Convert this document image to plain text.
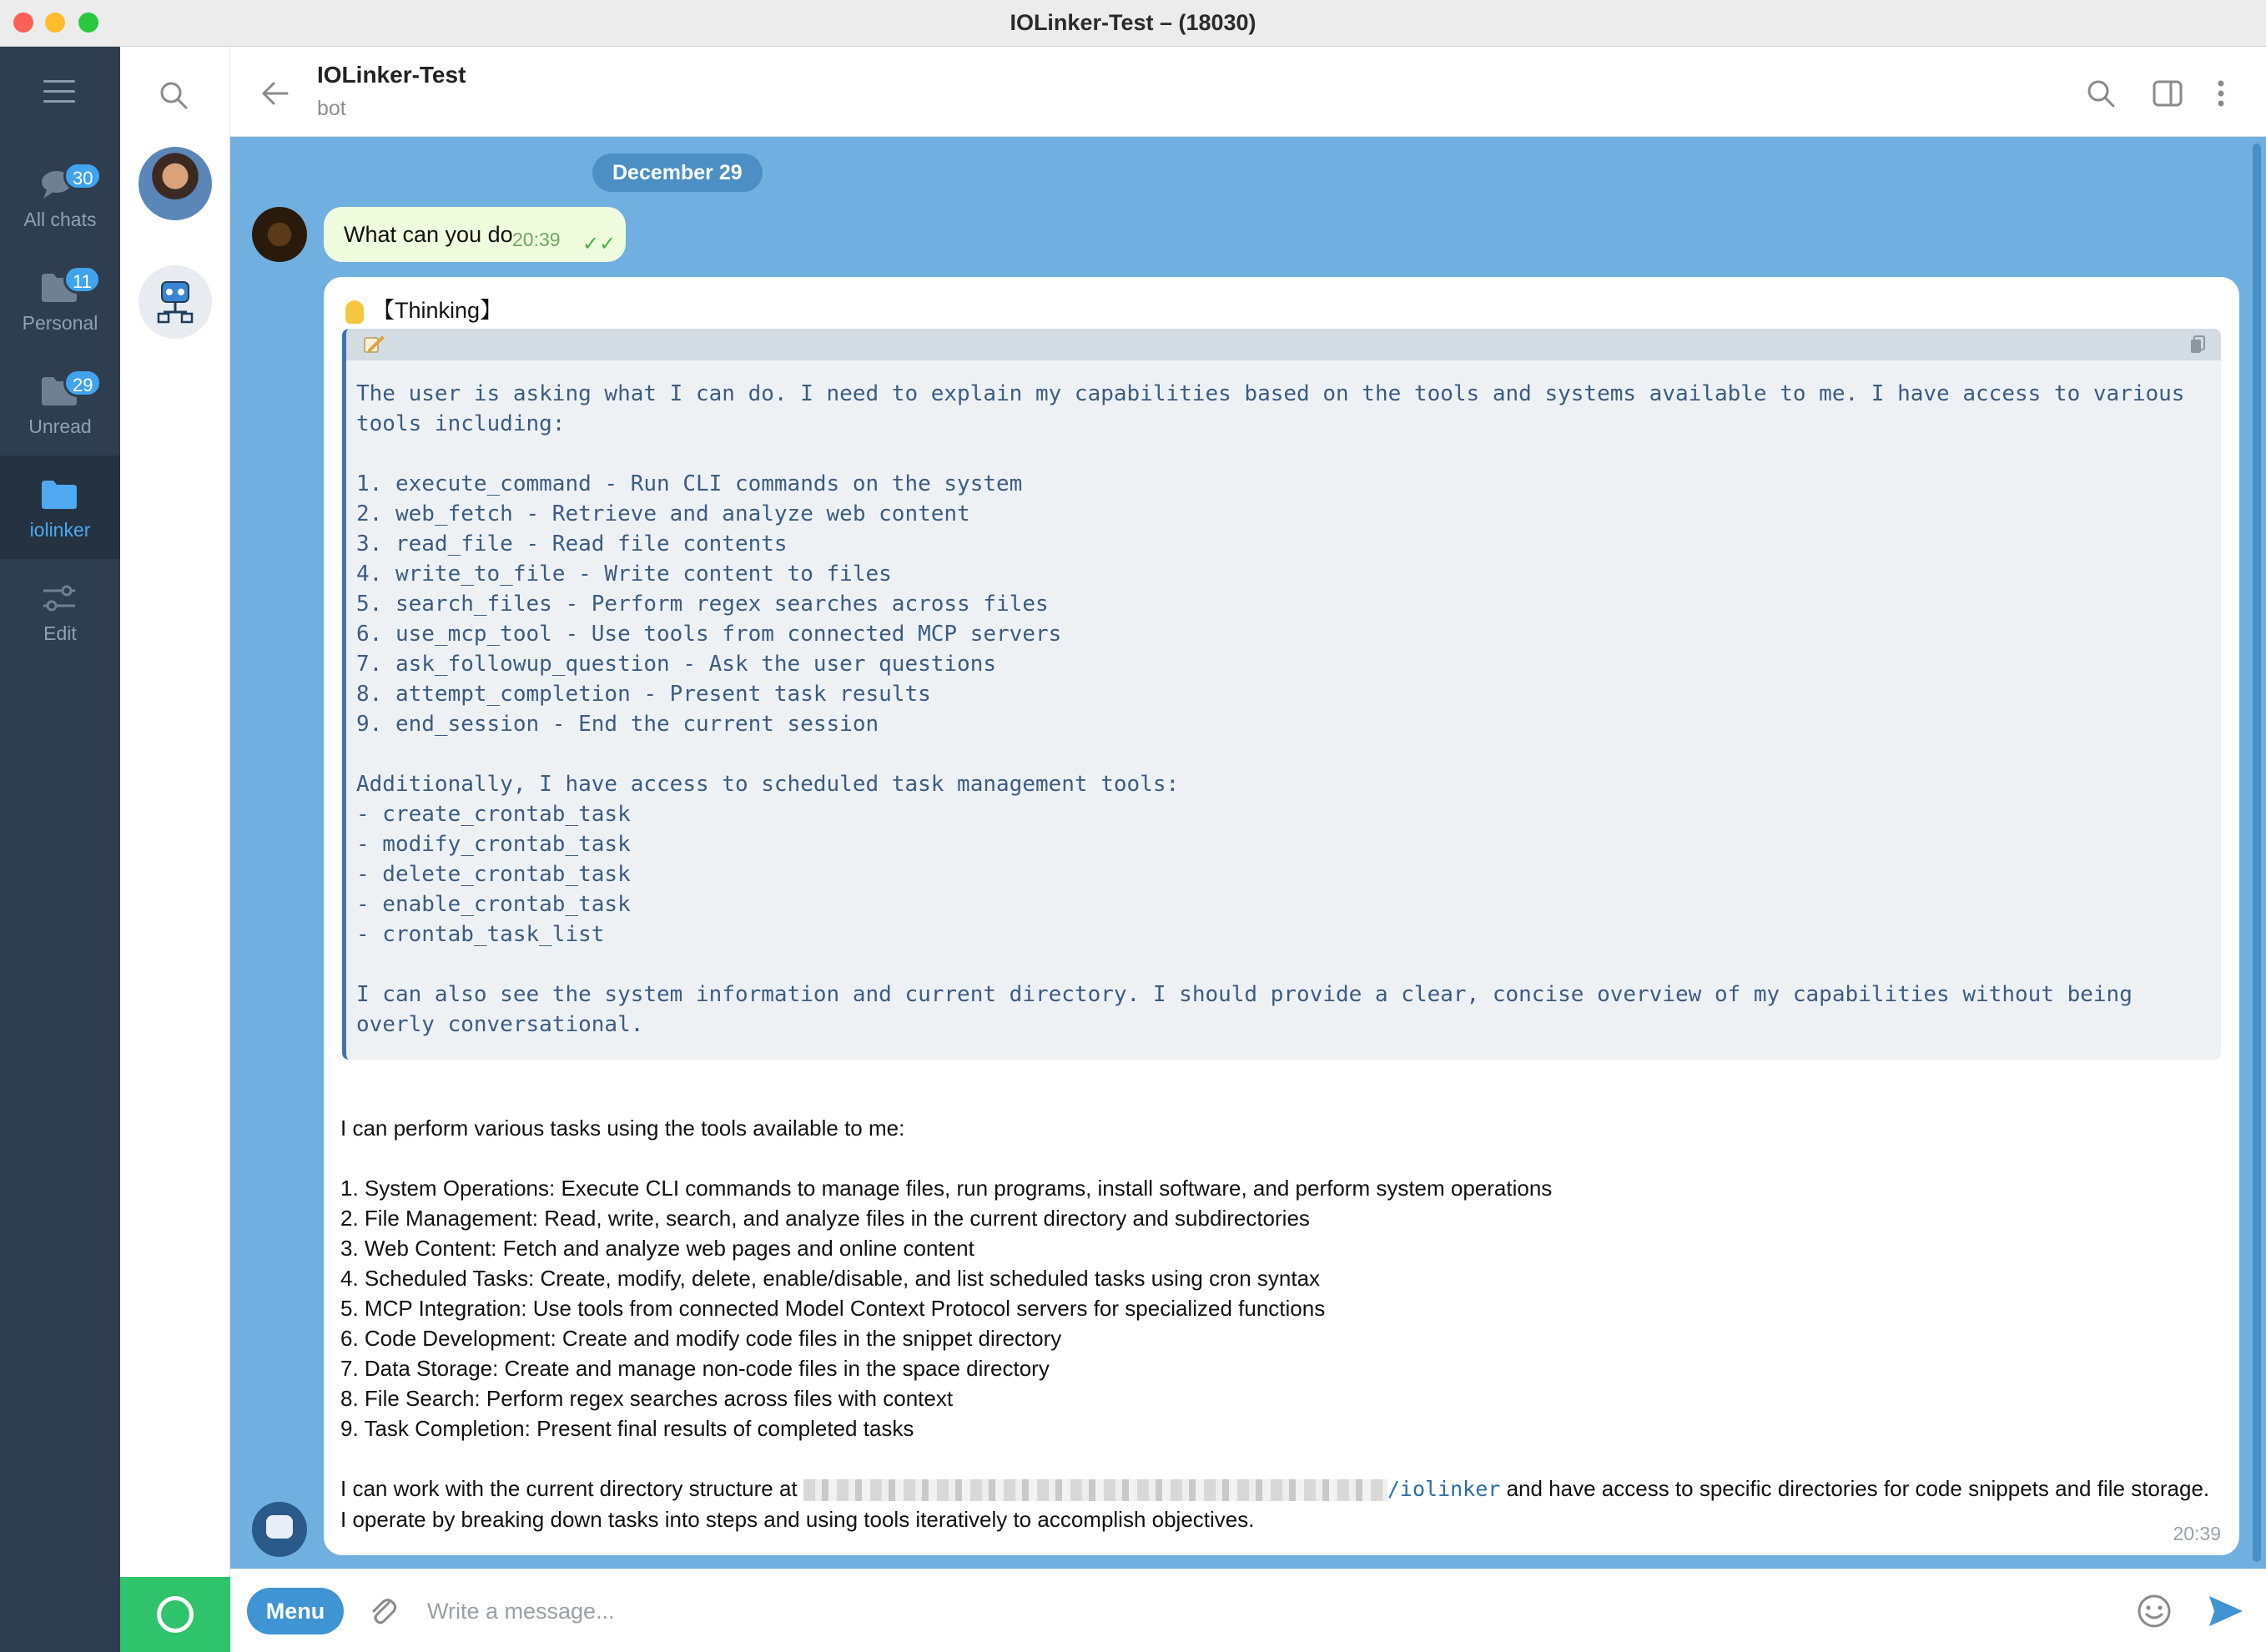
IOLinker-Test – (18030)
30
All chats
11
Personal
29
Unread
iolinker
Edit
IOLinker-Test
bot
December 29
What can you do 20:39 ✓✓
【Thinking】
The user is asking what I can do. I need to explain my capabilities based on the tools and systems available to me. I have access to various tools including:

1. execute_command - Run CLI commands on the system
2. web_fetch - Retrieve and analyze web content
3. read_file - Read file contents
4. write_to_file - Write content to files
5. search_files - Perform regex searches across files
6. use_mcp_tool - Use tools from connected MCP servers
7. ask_followup_question - Ask the user questions
8. attempt_completion - Present task results
9. end_session - End the current session

Additionally, I have access to scheduled task management tools:
- create_crontab_task
- modify_crontab_task
- delete_crontab_task
- enable_crontab_task
- crontab_task_list

I can also see the system information and current directory. I should provide a clear, concise overview of my capabilities without being overly conversational.
I can perform various tasks using the tools available to me:

1. System Operations: Execute CLI commands to manage files, run programs, install software, and perform system operations
2. File Management: Read, write, search, and analyze files in the current directory and subdirectories
3. Web Content: Fetch and analyze web pages and online content
4. Scheduled Tasks: Create, modify, delete, enable/disable, and list scheduled tasks using cron syntax
5. MCP Integration: Use tools from connected Model Context Protocol servers for specialized functions
6. Code Development: Create and modify code files in the snippet directory
7. Data Storage: Create and manage non-code files in the space directory
8. File Search: Perform regex searches across files with context
9. Task Completion: Present final results of completed tasks

I can work with the current directory structure at	/iolinker and have access to specific directories for code snippets and file storage. I operate by breaking down tasks into steps and using tools iteratively to accomplish objectives.
20:39
Menu
Write a message...
